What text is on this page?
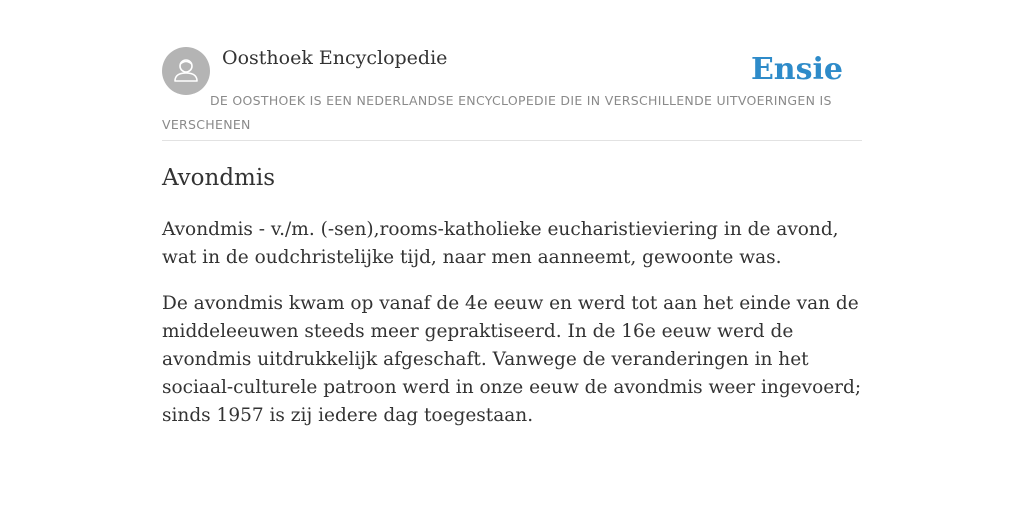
Oosthoek Encyclopedie	Ensie
DE OOSTHOEK IS EEN NEDERLANDSE ENCYCLOPEDIE DIE IN VERSCHILLENDE UITVOERINGEN IS VERSCHENEN
Avondmis

Avondmis - v./m. (-sen),rooms-katholieke eucharistieviering in de avond, wat in de oudchristelijke tijd, naar men aanneemt, gewoonte was.

De avondmis kwam op vanaf de 4e eeuw en werd tot aan het einde van de middeleeuwen steeds meer gepraktiseerd. In de 16e eeuw werd de avondmis uitdrukkelijk afgeschaft. Vanwege de veranderingen in het sociaal-culturele patroon werd in onze eeuw de avondmis weer ingevoerd; sinds 1957 is zij iedere dag toegestaan.
